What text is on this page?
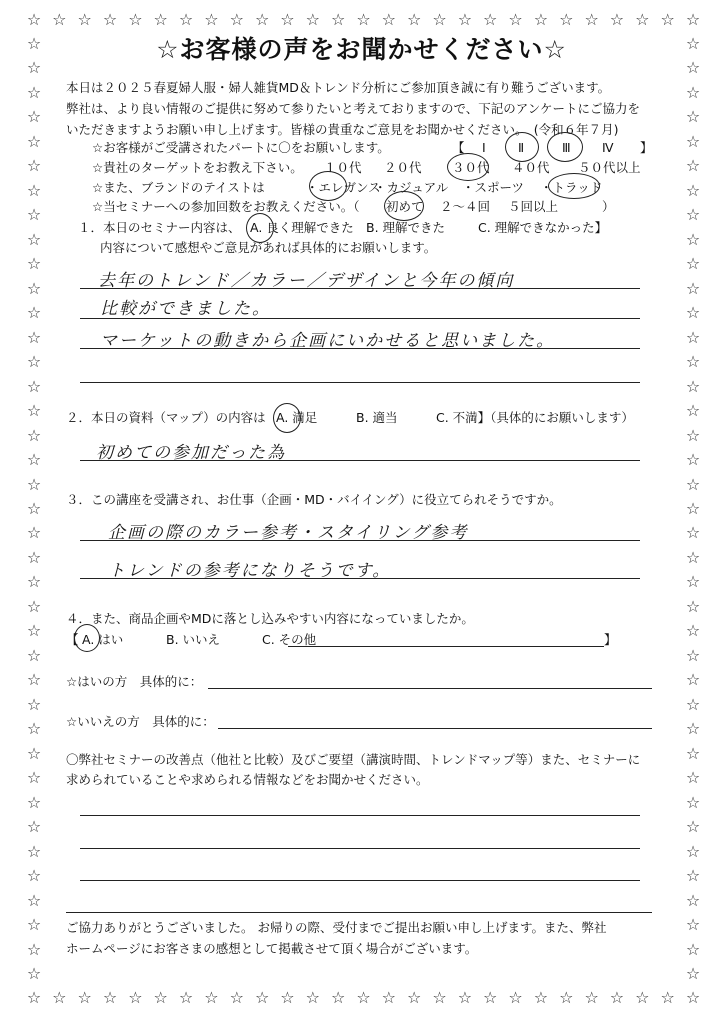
☆
☆
☆
☆
☆
☆
☆
☆
☆
☆
☆
☆
☆
☆
☆
☆
☆
☆
☆
☆
☆
☆
☆
☆
☆
☆
☆
☆
☆
☆
☆
☆
☆
☆
☆
☆
☆
☆
☆
☆
☆
☆
☆
☆
☆
☆
☆
☆
☆
☆
☆
☆
☆
☆
☆	☆
☆	☆
☆	☆
☆	☆
☆	☆
☆	☆
☆	☆
☆	☆
☆	☆
☆	☆
☆	☆
☆	☆
☆	☆
☆	☆
☆	☆
☆	☆
☆	☆
☆	☆
☆	☆
☆	☆
☆	☆
☆	☆
☆	☆
☆	☆
☆	☆
☆	☆
☆	☆
☆	☆
☆	☆
☆	☆
☆	☆
☆	☆
☆	☆
☆	☆
☆	☆
☆	☆
☆	☆
☆	☆
☆	☆
☆お客様の声をお聞かせください☆

本日は２０２５春夏婦人服・婦人雑貨MD＆トレンド分析にご参加頂き誠に有り難うございます。

弊社は、より良い情報のご提供に努めて参りたいと考えておりますので、下記のアンケートにご協力を

いただきますようお願い申し上げます。皆様の貴重なご意見をお聞かせください。　(令和６年７月)

☆お客様がご受講されたパートに〇をお願いします。	【 Ⅰ	Ⅱ	Ⅲ	Ⅳ 】
☆貴社のターゲットをお教え下さい。 １０代 ２０代 ３０代 ４０代 ５０代以上
☆また、ブランドのテイストは	・エレガンス
・カジュアル ・スポーツ ・トラッド
☆当セミナーへの参加回数をお教えください。（ 初めて ２〜４回 ５回以上	）
１．本日のセミナー内容は、 A. 良く理解できた B. 理解できた	C. 理解できなかった】
内容について感想やご意見があれば具体的にお願いします。
去年のトレンド／カラー／デザインと今年の傾向
比較ができました。
マーケットの動きから企画にいかせると思いました。
２．本日の資料（マップ）の内容は A. 満足	B. 適当	C. 不満】（具体的にお願いします）
初めての参加だった為
３．この講座を受講され、お仕事（企画・MD・バイイング）に役立てられそうですか。
企画の際のカラー参考・スタイリング参考
トレンドの参考になりそうです。
４．また、商品企画やMDに落とし込みやすい内容になっていましたか。
【 A. はい	B. いいえ	C. その他	】
☆はいの方　具体的に：
☆いいえの方　具体的に：
〇弊社セミナーの改善点（他社と比較）及びご要望（講演時間、トレンドマップ等）また、セミナーに
求められていることや求められる情報などをお聞かせください。
ご協力ありがとうございました。 お帰りの際、受付までご提出お願い申し上げます。また、弊社
ホームページにお客さまの感想として掲載させて頂く場合がございます。
